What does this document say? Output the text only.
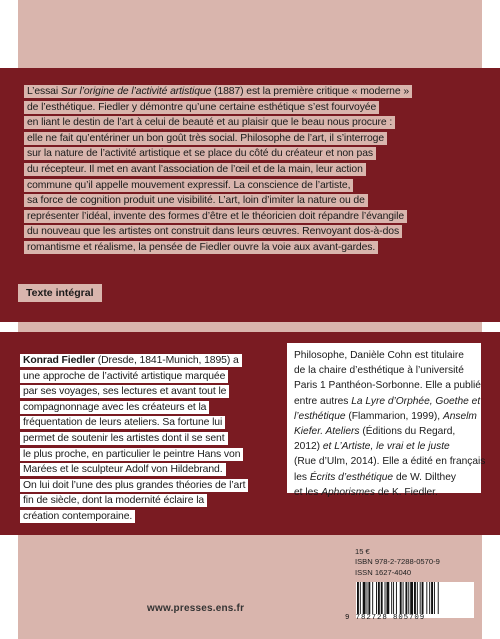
L’essai Sur l’origine de l’activité artistique (1887) est la première critique « moderne »
de l’esthétique. Fiedler y démontre qu’une certaine esthétique s’est fourvoyée
en liant le destin de l’art à celui de beauté et au plaisir que le beau nous procure :
elle ne fait qu’entériner un bon goût très social. Philosophe de l’art, il s’interroge
sur la nature de l’activité artistique et se place du côté du créateur et non pas
du récepteur. Il met en avant l’association de l’œil et de la main, leur action
commune qu’il appelle mouvement expressif. La conscience de l’artiste,
sa force de cognition produit une visibilité. L’art, loin d’imiter la nature ou de
représenter l’idéal, invente des formes d’être et le théoricien doit répandre l’évangile
du nouveau que les artistes ont construit dans leurs œuvres. Renvoyant dos-à-dos
romantisme et réalisme, la pensée de Fiedler ouvre la voie aux avant-gardes.
Texte intégral
Konrad Fiedler (Dresde, 1841-Munich, 1895) a
une approche de l’activité artistique marquée
par ses voyages, ses lectures et avant tout le
compagnonnage avec les créateurs et la
fréquentation de leurs ateliers. Sa fortune lui
permet de soutenir les artistes dont il se sent
le plus proche, en particulier le peintre Hans von
Marées et le sculpteur Adolf von Hildebrand.
On lui doit l’une des plus grandes théories de l’art
fin de siècle, dont la modernité éclaire la
création contemporaine.
Philosophe, Danièle Cohn est titulaire
de la chaire d’esthétique à l’université
Paris 1 Panthéon-Sorbonne. Elle a publié
entre autres La Lyre d’Orphée, Goethe et
l’esthétique (Flammarion, 1999), Anselm
Kiefer. Ateliers (Éditions du Regard,
2012) et L’Artiste, le vrai et le juste
(Rue d’Ulm, 2014). Elle a édité en français
les Écrits d’esthétique de W. Dilthey
et les Aphorismes de K. Fiedler.
15 €
ISBN 978-2-7288-0570-9
ISSN 1627-4040
9 782728 805709
www.presses.ens.fr
